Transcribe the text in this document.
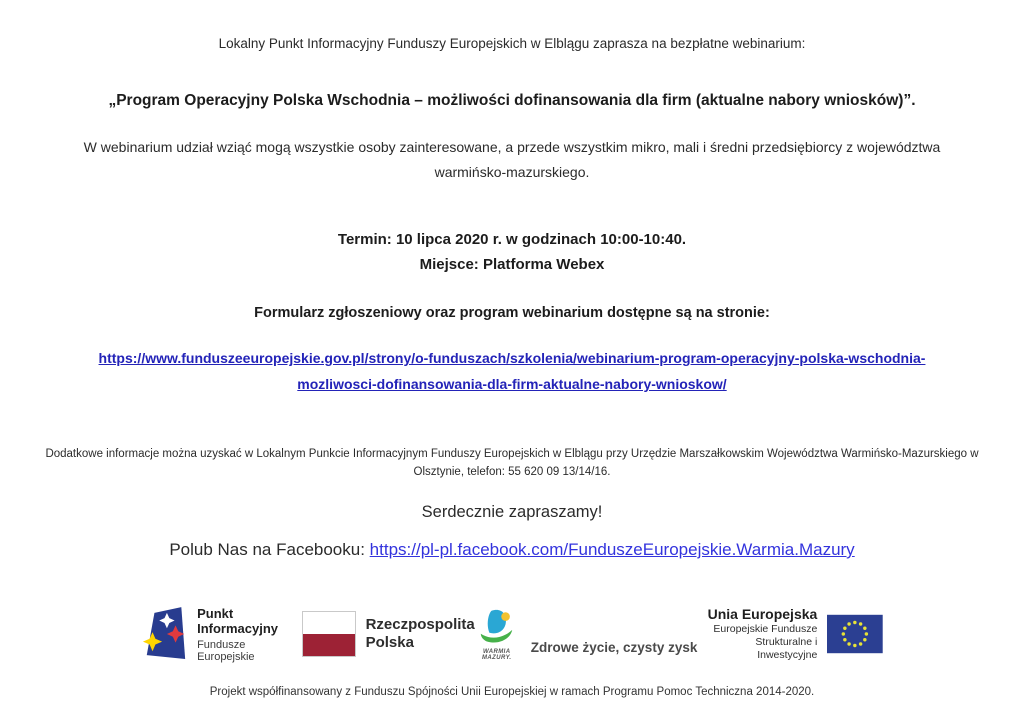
Lokalny Punkt Informacyjny Funduszy Europejskich w Elblągu zaprasza na bezpłatne webinarium:

„Program Operacyjny Polska Wschodnia – możliwości dofinansowania dla firm (aktualne nabory wniosków)”.

W webinarium udział wziąć mogą wszystkie osoby zainteresowane, a przede wszystkim mikro, mali i średni przedsiębiorcy z województwa warmińsko-mazurskiego.

Termin: 10 lipca 2020 r. w godzinach 10:00-10:40.
Miejsce: Platforma Webex

Formularz zgłoszeniowy oraz program webinarium dostępne są na stronie:

https://www.funduszeeuropejskie.gov.pl/strony/o-funduszach/szkolenia/webinarium-program-operacyjny-polska-wschodnia-mozliwosci-dofinansowania-dla-firm-aktualne-nabory-wnioskow/

Dodatkowe informacje można uzyskać w Lokalnym Punkcie Informacyjnym Funduszy Europejskich w Elblągu przy Urzędzie Marszałkowskim Województwa Warmińsko-Mazurskiego w Olsztynie, telefon: 55 620 09 13/14/16.

Serdecznie zapraszamy!

Polub Nas na Facebooku: https://pl-pl.facebook.com/FunduszeEuropejskie.Warmia.Mazury

Punkt
Informacyjny
Fundusze Europejskie
Rzeczpospolita
Polska
WARMIA
MAZURY.
Zdrowe życie, czysty zysk
Unia Europejska
Europejskie Fundusze
Strukturalne i Inwestycyjne

Projekt współfinansowany z Funduszu Spójności Unii Europejskiej w ramach Programu Pomoc Techniczna 2014-2020.
